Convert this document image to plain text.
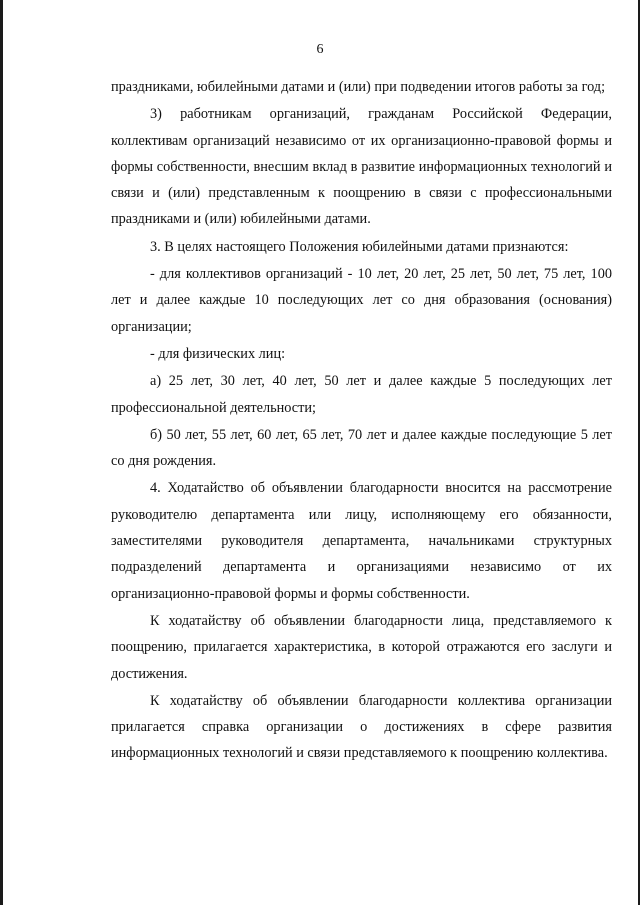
6

праздниками, юбилейными датами и (или) при подведении итогов работы за год;

3) работникам организаций, гражданам Российской Федерации, коллективам организаций независимо от их организационно-правовой формы и формы собственности, внесшим вклад в развитие информационных технологий и связи и (или) представленным к поощрению в связи с профессиональными праздниками и (или) юбилейными датами.

3. В целях настоящего Положения юбилейными датами признаются:

- для коллективов организаций - 10 лет, 20 лет, 25 лет, 50 лет, 75 лет, 100 лет и далее каждые 10 последующих лет со дня образования (основания) организации;

- для физических лиц:

а) 25 лет, 30 лет, 40 лет, 50 лет и далее каждые 5 последующих лет профессиональной деятельности;

б) 50 лет, 55 лет, 60 лет, 65 лет, 70 лет и далее каждые последующие 5 лет со дня рождения.

4. Ходатайство об объявлении благодарности вносится на рассмотрение руководителю департамента или лицу, исполняющему его обязанности, заместителями руководителя департамента, начальниками структурных подразделений департамента и организациями независимо от их организационно-правовой формы и формы собственности.

К ходатайству об объявлении благодарности лица, представляемого к поощрению, прилагается характеристика, в которой отражаются его заслуги и достижения.

К ходатайству об объявлении благодарности коллектива организации прилагается справка организации о достижениях в сфере развития информационных технологий и связи представляемого к поощрению коллектива.
